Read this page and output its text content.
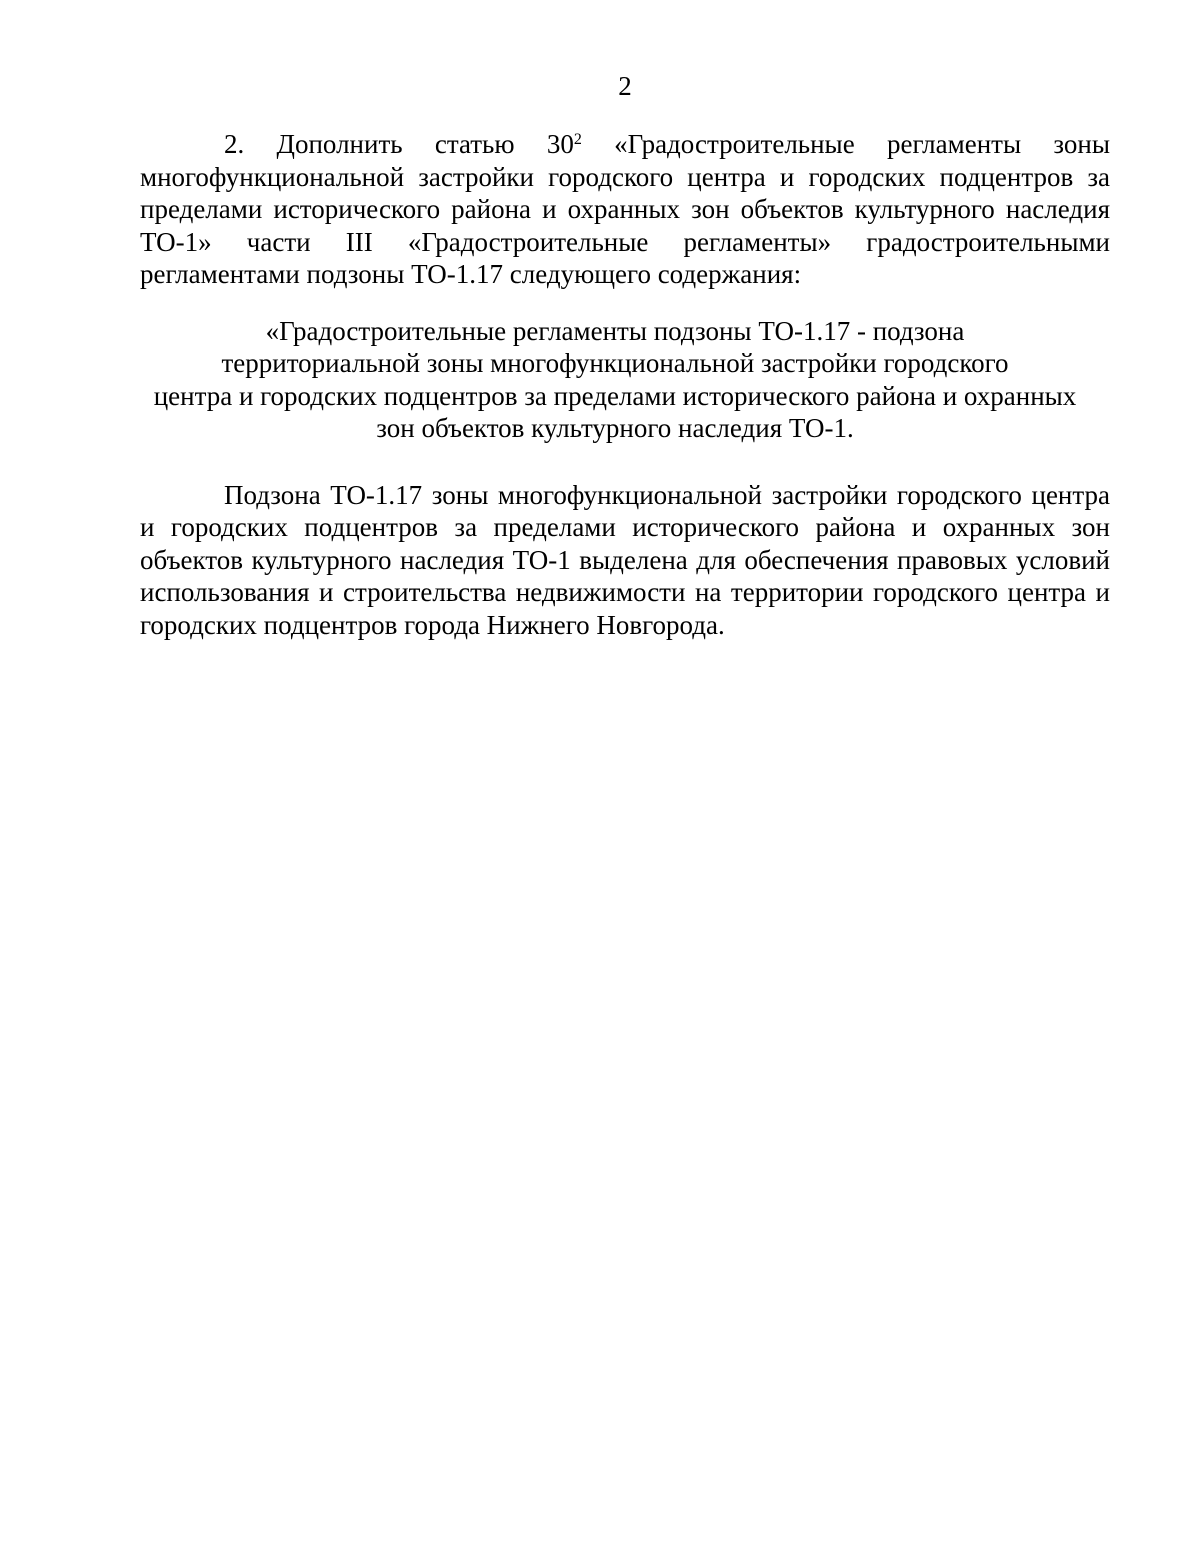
2

2. Дополнить статью $30^2$ «Градостроительные регламенты зоны многофункциональной застройки городского центра и городских подцентров за пределами исторического района и охранных зон объектов культурного наследия ТО-1» части III «Градостроительные регламенты» градостроительными регламентами подзоны ТО-1.17 следующего содержания:

«Градостроительные регламенты подзоны ТО-1.17 - подзона
территориальной зоны многофункциональной застройки городского
центра и городских подцентров за пределами исторического района и охранных
зон объектов культурного наследия ТО-1.

Подзона ТО-1.17 зоны многофункциональной застройки городского центра и городских подцентров за пределами исторического района и охранных зон объектов культурного наследия ТО-1 выделена для обеспечения правовых условий использования и строительства недвижимости на территории городского центра и городских подцентров города Нижнего Новгорода.
